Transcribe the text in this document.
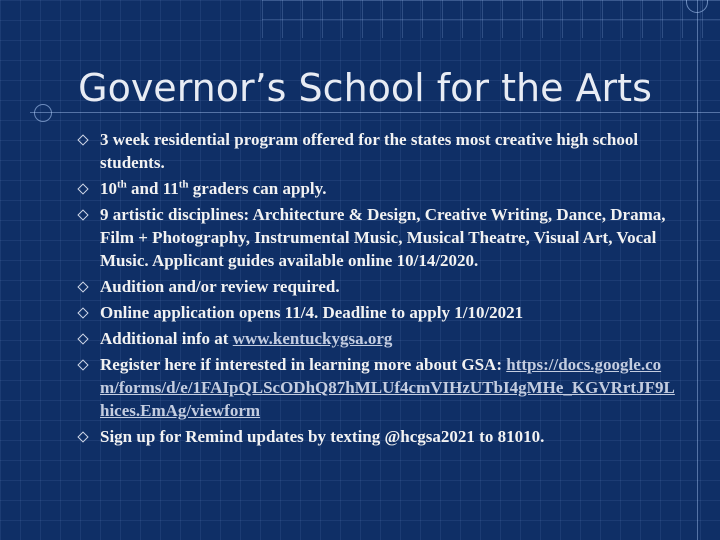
Governor’s School for the Arts
3 week residential program offered for the states most creative high school students.
10th and 11th graders can apply.
9 artistic disciplines: Architecture & Design, Creative Writing, Dance, Drama, Film + Photography, Instrumental Music, Musical Theatre, Visual Art, Vocal Music. Applicant guides available online 10/14/2020.
Audition and/or review required.
Online application opens 11/4. Deadline to apply 1/10/2021
Additional info at www.kentuckygsa.org
Register here if interested in learning more about GSA: https://docs.google.com/forms/d/e/1FAIpQLScODhQ87hMLUf4cmVIHzUTbI4gMHe_KGVRrtJF9Lhices.EmAg/viewform
Sign up for Remind updates by texting @hcgsa2021 to 81010.
